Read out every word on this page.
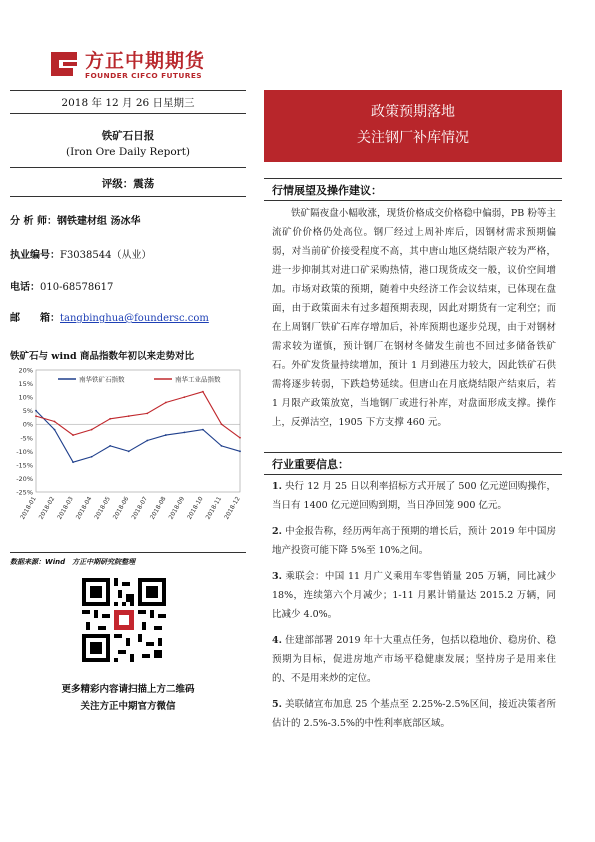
方正中期期货
FOUNDER CIFCO FUTURES
2018 年 12 月 26 日星期三
铁矿石日报
(Iron Ore Daily Report)
评级：震荡
分 析 师：钢铁建材组 汤冰华
执业编号：F3038544（从业）
电话：010-68578617
邮　　箱：tangbinghua@foundersc.com
铁矿石与 wind 商品指数年初以来走势对比
20%
15%
10%
5%
0%
-5%
-10%
-15%
-20%
-25%
2018-01 2018-02 2018-03 2018-04 2018-05 2018-06 2018-07 2018-08 2018-09 2018-10 2018-11 2018-12
南华铁矿石指数	南华工业品指数
数据来源：Wind　方正中期研究院整理
更多精彩内容请扫描上方二维码
关注方正中期官方微信
政策预期落地
关注钢厂补库情况
行情展望及操作建议：
铁矿隔夜盘小幅收涨，现货价格成交价格稳中偏弱，PB 粉等主流矿价价格仍处高位。钢厂经过上周补库后，因钢材需求预期偏弱，对当前矿价接受程度不高，其中唐山地区烧结限产较为严格，进一步抑制其对进口矿采购热情，港口现货成交一般，议价空间增加。市场对政策的预期，随着中央经济工作会议结束，已体现在盘面，由于政策面未有过多超预期表现，因此对期货有一定利空；而在上周钢厂铁矿石库存增加后，补库预期也逐步兑现，由于对钢材需求较为谨慎，预计钢厂在钢材冬储发生前也不回过多储备铁矿石。外矿发货量持续增加，预计 1 月到港压力较大，因此铁矿石供需将逐步转弱，下跌趋势延续。但唐山在月底烧结限产结束后，若 1 月限产政策放宽，当地钢厂或进行补库，对盘面形成支撑。操作上，反弹沽空，1905 下方支撑 460 元。
行业重要信息：
1. 央行 12 月 25 日以利率招标方式开展了 500 亿元逆回购操作，当日有 1400 亿元逆回购到期，当日净回笼 900 亿元。
2. 中金报告称，经历两年高于预期的增长后，预计 2019 年中国房地产投资可能下降 5%至 10%之间。
3. 乘联会：中国 11 月广义乘用车零售销量 205 万辆，同比减少 18%，连续第六个月减少；1-11 月累计销量达 2015.2 万辆，同比减少 4.0%。
4. 住建部部署 2019 年十大重点任务，包括以稳地价、稳房价、稳预期为目标，促进房地产市场平稳健康发展；坚持房子是用来住的、不是用来炒的定位。
5. 美联储宣布加息 25 个基点至 2.25%-2.5%区间，接近决策者所估计的 2.5%-3.5%的中性利率底部区域。
